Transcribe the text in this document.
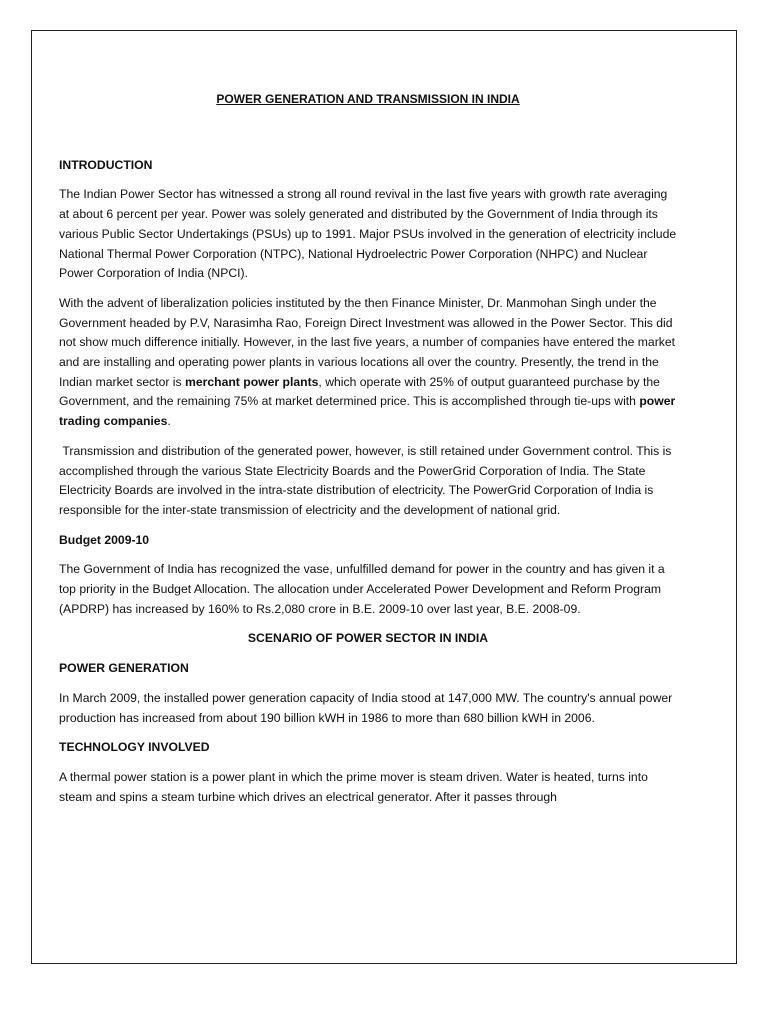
POWER GENERATION AND TRANSMISSION IN INDIA
INTRODUCTION

The Indian Power Sector has witnessed a strong all round revival in the last five years with growth rate averaging at about 6 percent per year. Power was solely generated and distributed by the Government of India through its various Public Sector Undertakings (PSUs) up to 1991. Major PSUs involved in the generation of electricity include National Thermal Power Corporation (NTPC), National Hydroelectric Power Corporation (NHPC) and Nuclear Power Corporation of India (NPCI).

With the advent of liberalization policies instituted by the then Finance Minister, Dr. Manmohan Singh under the Government headed by P.V, Narasimha Rao, Foreign Direct Investment was allowed in the Power Sector. This did not show much difference initially. However, in the last five years, a number of companies have entered the market and are installing and operating power plants in various locations all over the country. Presently, the trend in the Indian market sector is merchant power plants, which operate with 25% of output guaranteed purchase by the Government, and the remaining 75% at market determined price. This is accomplished through tie-ups with power trading companies.

Transmission and distribution of the generated power, however, is still retained under Government control. This is accomplished through the various State Electricity Boards and the PowerGrid Corporation of India. The State Electricity Boards are involved in the intra-state distribution of electricity. The PowerGrid Corporation of India is responsible for the inter-state transmission of electricity and the development of national grid.

Budget 2009-10

The Government of India has recognized the vase, unfulfilled demand for power in the country and has given it a top priority in the Budget Allocation. The allocation under Accelerated Power Development and Reform Program (APDRP) has increased by 160% to Rs.2,080 crore in B.E. 2009-10 over last year, B.E. 2008-09.

SCENARIO OF POWER SECTOR IN INDIA
POWER GENERATION

In March 2009, the installed power generation capacity of India stood at 147,000 MW. The country's annual power production has increased from about 190 billion kWH in 1986 to more than 680 billion kWH in 2006.

TECHNOLOGY INVOLVED

A thermal power station is a power plant in which the prime mover is steam driven. Water is heated, turns into steam and spins a steam turbine which drives an electrical generator. After it passes through
